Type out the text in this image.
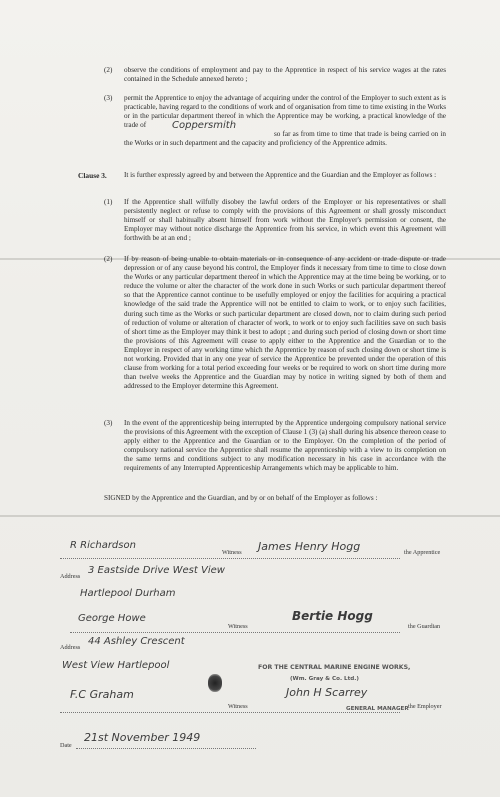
(2) observe the conditions of employment and pay to the Apprentice in respect of his service wages at the rates contained in the Schedule annexed hereto ;
(3) permit the Apprentice to enjoy the advantage of acquiring under the control of the Employer to such extent as is practicable, having regard to the conditions of work and of organisation from time to time existing in the Works or in the particular department thereof in which the Apprentice may be working, a practical knowledge of the trade of	Coppersmith
so far as from time to time that trade is being carried on in the Works or in such department and the capacity and proficiency of the Apprentice admits.
Clause 3. It is further expressly agreed by and between the Apprentice and the Guardian and the Employer as follows :
(1) If the Apprentice shall wilfully disobey the lawful orders of the Employer or his representatives or shall persistently neglect or refuse to comply with the provisions of this Agreement or shall grossly misconduct himself or shall habitually absent himself from work without the Employer's permission or consent, the Employer may without notice discharge the Apprentice from his service, in which event this Agreement will forthwith be at an end ;
(2) If by reason of being unable to obtain materials or in consequence of any accident or trade dispute or trade depression or of any cause beyond his control, the Employer finds it necessary from time to time to close down the Works or any particular department thereof in which the Apprentice may at the time being be working, or to reduce the volume or alter the character of the work done in such Works or such particular department thereof so that the Apprentice cannot continue to be usefully employed or enjoy the facilities for acquiring a practical knowledge of the said trade the Apprentice will not be entitled to claim to work, or to enjoy such facilities, during such time as the Works or such particular department are closed down, nor to claim during such period of reduction of volume or alteration of character of work, to work or to enjoy such facilities save on such basis of short time as the Employer may think it best to adopt ; and during such period of closing down or short time the provisions of this Agreement will cease to apply either to the Apprentice and the Guardian or to the Employer in respect of any working time which the Apprentice by reason of such closing down or short time is not working. Provided that in any one year of service the Apprentice be prevented under the operation of this clause from working for a total period exceeding four weeks or be required to work on short time during more than twelve weeks the Apprentice and the Guardian may by notice in writing signed by both of them and addressed to the Employer determine this Agreement.
(3) In the event of the apprenticeship being interrupted by the Apprentice undergoing compulsory national service the provisions of this Agreement with the exception of Clause 1 (3) (a) shall during his absence thereon cease to apply either to the Apprentice and the Guardian or to the Employer. On the completion of the period of compulsory national service the Apprentice shall resume the apprenticeship with a view to its completion on the same terms and conditions subject to any modification necessary in his case in accordance with the requirements of any Interrupted Apprenticeship Arrangements which may be applicable to him.
SIGNED by the Apprentice and the Guardian, and by or on behalf of the Employer as follows :
R Richardson
Witness James Henry Hogg	the Apprentice
Address
3 Eastside Drive West View
Hartlepool Durham
George Howe
Witness
Bertie Hogg
the Guardian
Address
44 Ashley Crescent
West View Hartlepool	FOR THE CENTRAL MARINE ENGINE WORKS,
(Wm. Gray & Co. Ltd.)
F.C Graham
Witness
John H Scarrey
the Employer
GENERAL MANAGER
Date
21st November 1949
